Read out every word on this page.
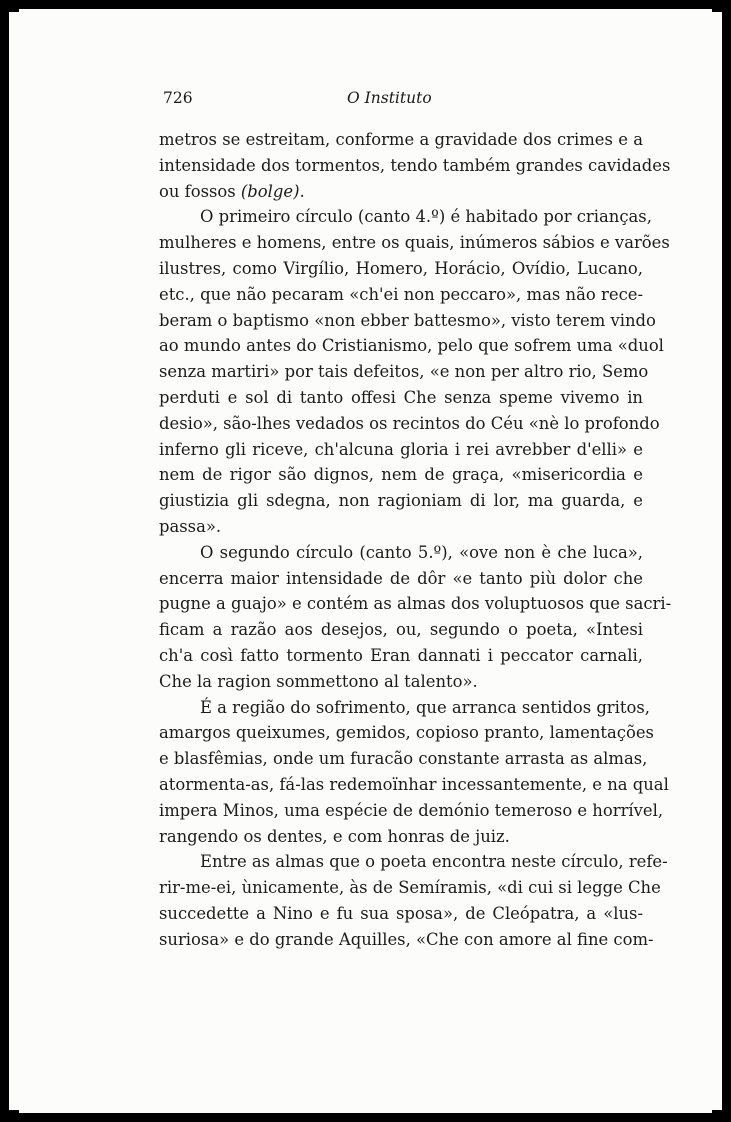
726	O Instituto
metros se estreitam, conforme a gravidade dos crimes e a
intensidade dos tormentos, tendo também grandes cavidades
ou fossos (bolge).
O primeiro círculo (canto 4.º) é habitado por crianças,
mulheres e homens, entre os quais, inúmeros sábios e varões
ilustres, como Virgílio, Homero, Horácio, Ovídio, Lucano,
etc., que não pecaram «ch'ei non peccaro», mas não rece-
beram o baptismo «non ebber battesmo», visto terem vindo
ao mundo antes do Cristianismo, pelo que sofrem uma «duol
senza martiri» por tais defeitos, «e non per altro rio, Semo
perduti e sol di tanto offesi Che senza speme vivemo in
desio», são-lhes vedados os recintos do Céu «nè lo profondo
inferno gli riceve, ch'alcuna gloria i rei avrebber d'elli» e
nem de rigor são dignos, nem de graça, «misericordia e
giustizia gli sdegna, non ragioniam di lor, ma guarda, e
passa».
O segundo círculo (canto 5.º), «ove non è che luca»,
encerra maior intensidade de dôr «e tanto più dolor che
pugne a guajo» e contém as almas dos voluptuosos que sacri-
ficam a razão aos desejos, ou, segundo o poeta, «Intesi
ch'a così fatto tormento Eran dannati i peccator carnali,
Che la ragion sommettono al talento».
É a região do sofrimento, que arranca sentidos gritos,
amargos queixumes, gemidos, copioso pranto, lamentações
e blasfêmias, onde um furacão constante arrasta as almas,
atormenta-as, fá-las redemoïnhar incessantemente, e na qual
impera Minos, uma espécie de demónio temeroso e horrível,
rangendo os dentes, e com honras de juiz.
Entre as almas que o poeta encontra neste círculo, refe-
rir-me-ei, ùnicamente, às de Semíramis, «di cui si legge Che
succedette a Nino e fu sua sposa», de Cleópatra, a «lus-
suriosa» e do grande Aquilles, «Che con amore al fine com-
